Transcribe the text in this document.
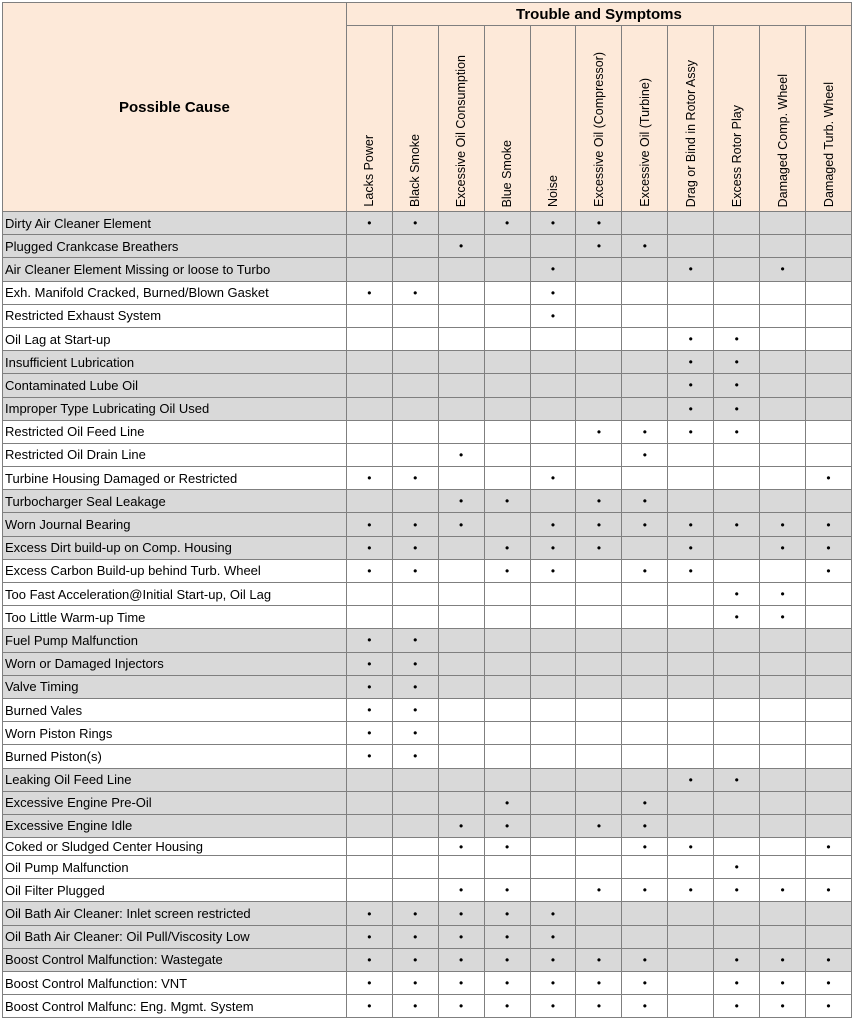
Possible Cause	Trouble and Symptoms										

	Lacks Power	Black Smoke	Excessive Oil Consumption	Blue Smoke	Noise	Excessive Oil (Compressor)	Excessive Oil (Turbine)	Drag or Bind in Rotor Assy	Excess Rotor Play	Damaged Comp. Wheel	Damaged Turb. Wheel

Dirty Air Cleaner Element	•	•		•	•	•					
Plugged Crankcase Breathers			•			•	•				
Air Cleaner Element Missing or loose to Turbo					•			•		•	
Exh. Manifold Cracked, Burned/Blown Gasket	•	•			•						
Restricted Exhaust System					•						
Oil Lag at Start-up								•	•		
Insufficient Lubrication								•	•		
Contaminated Lube Oil								•	•		
Improper Type Lubricating Oil Used								•	•		
Restricted Oil Feed Line						•	•	•	•		
Restricted Oil Drain Line			•				•				
Turbine Housing Damaged or Restricted	•	•			•						•
Turbocharger Seal Leakage			•	•		•	•				
Worn Journal Bearing	•	•	•		•	•	•	•	•	•	•
Excess Dirt build-up on Comp. Housing	•	•		•	•	•		•		•	•
Excess Carbon Build-up behind Turb. Wheel	•	•		•	•		•	•			•
Too Fast Acceleration@Initial Start-up, Oil Lag									•	•	
Too Little Warm-up Time									•	•	
Fuel Pump Malfunction	•	•									
Worn or Damaged Injectors	•	•									
Valve Timing	•	•									
Burned Vales	•	•									
Worn Piston Rings	•	•									
Burned Piston(s)	•	•									
Leaking Oil Feed Line								•	•		
Excessive Engine Pre-Oil				•			•				
Excessive Engine Idle			•	•		•	•				
Coked or Sludged Center Housing			•	•			•	•			•
Oil Pump Malfunction									•		
Oil Filter Plugged			•	•		•	•	•	•	•	•
Oil Bath Air Cleaner: Inlet screen restricted	•	•	•	•	•						
Oil Bath Air Cleaner: Oil Pull/Viscosity Low	•	•	•	•	•						
Boost Control Malfunction: Wastegate	•	•	•	•	•	•	•		•	•	•
Boost Control Malfunction: VNT	•	•	•	•	•	•	•		•	•	•
Boost Control Malfunc: Eng. Mgmt. System	•	•	•	•	•	•	•		•	•	•
